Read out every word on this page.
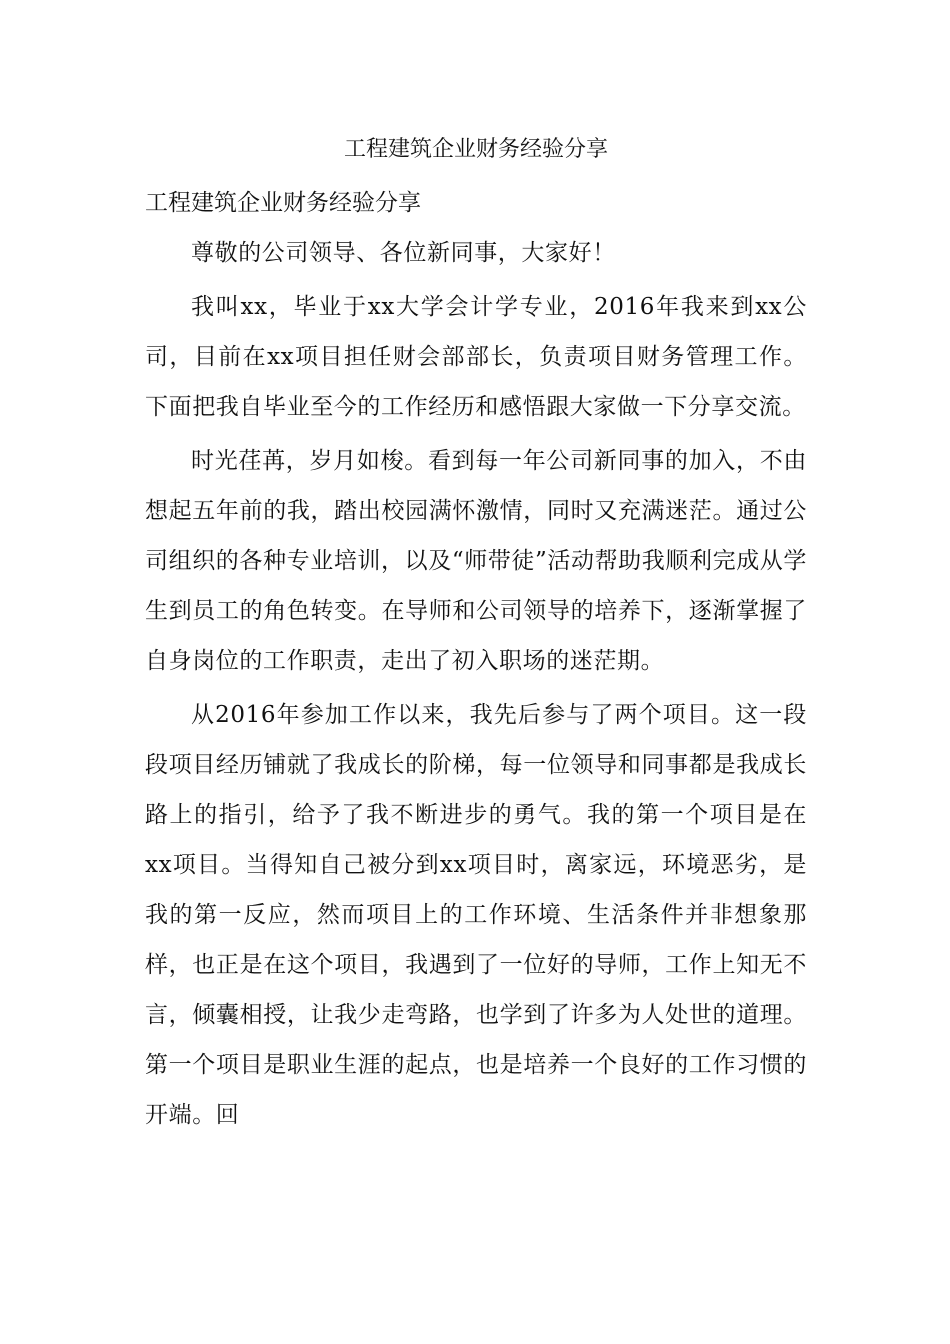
工程建筑企业财务经验分享

工程建筑企业财务经验分享

尊敬的公司领导、各位新同事，大家好！

我叫xx，毕业于xx大学会计学专业，2016年我来到xx公司，目前在xx项目担任财会部部长，负责项目财务管理工作。下面把我自毕业至今的工作经历和感悟跟大家做一下分享交流。

时光荏苒，岁月如梭。看到每一年公司新同事的加入，不由想起五年前的我，踏出校园满怀激情，同时又充满迷茫。通过公司组织的各种专业培训，以及“师带徒”活动帮助我顺利完成从学生到员工的角色转变。在导师和公司领导的培养下，逐渐掌握了自身岗位的工作职责，走出了初入职场的迷茫期。

从2016年参加工作以来，我先后参与了两个项目。这一段段项目经历铺就了我成长的阶梯，每一位领导和同事都是我成长路上的指引，给予了我不断进步的勇气。我的第一个项目是在xx项目。当得知自己被分到xx项目时，离家远，环境恶劣，是我的第一反应，然而项目上的工作环境、生活条件并非想象那样，也正是在这个项目，我遇到了一位好的导师，工作上知无不言，倾囊相授，让我少走弯路，也学到了许多为人处世的道理。第一个项目是职业生涯的起点，也是培养一个良好的工作习惯的开端。回
